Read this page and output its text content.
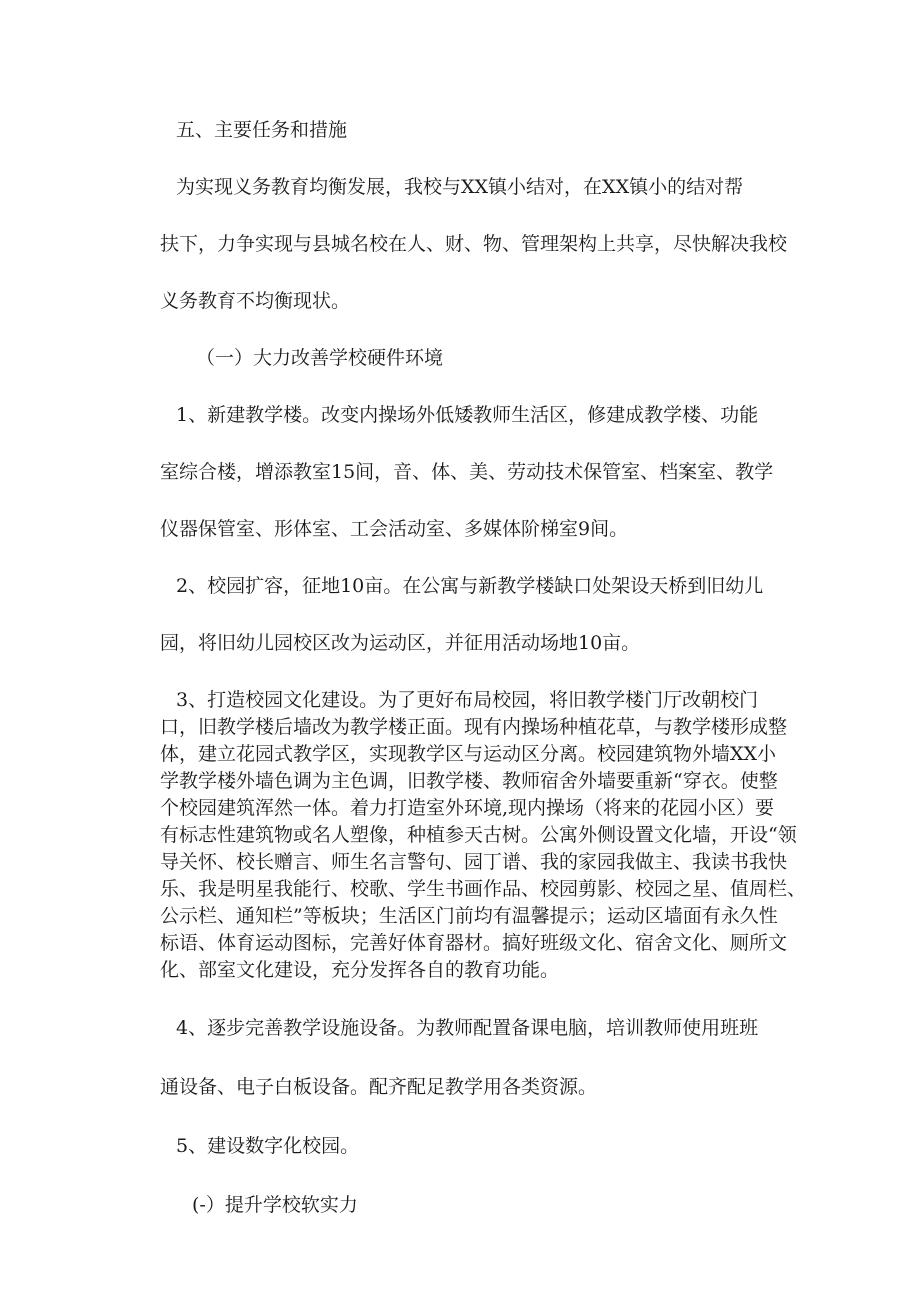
五、主要任务和措施

为实现义务教育均衡发展，我校与XX镇小结对，在XX镇小的结对帮

扶下，力争实现与县城名校在人、财、物、管理架构上共享，尽快解决我校

义务教育不均衡现状。

（一）大力改善学校硬件环境

1、新建教学楼。改变内操场外低矮教师生活区，修建成教学楼、功能

室综合楼，增添教室15间，音、体、美、劳动技术保管室、档案室、教学

仪器保管室、形体室、工会活动室、多媒体阶梯室9间。

2、校园扩容，征地10亩。在公寓与新教学楼缺口处架设天桥到旧幼儿

园，将旧幼儿园校区改为运动区，并征用活动场地10亩。

3、打造校园文化建设。为了更好布局校园，将旧教学楼门厅改朝校门

口，旧教学楼后墙改为教学楼正面。现有内操场种植花草，与教学楼形成整

体，建立花园式教学区，实现教学区与运动区分离。校园建筑物外墙XX小

学教学楼外墙色调为主色调，旧教学楼、教师宿舍外墙要重新“穿衣。使整

个校园建筑浑然一体。着力打造室外环境,现内操场（将来的花园小区）要

有标志性建筑物或名人塑像，种植参天古树。公寓外侧设置文化墙，开设“领

导关怀、校长赠言、师生名言警句、园丁谱、我的家园我做主、我读书我快

乐、我是明星我能行、校歌、学生书画作品、校园剪影、校园之星、值周栏、

公示栏、通知栏”等板块；生活区门前均有温馨提示；运动区墙面有永久性

标语、体育运动图标，完善好体育器材。搞好班级文化、宿舍文化、厕所文

化、部室文化建设，充分发挥各自的教育功能。

4、逐步完善教学设施设备。为教师配置备课电脑，培训教师使用班班

通设备、电子白板设备。配齐配足教学用各类资源。

5、建设数字化校园。

(-）提升学校软实力
